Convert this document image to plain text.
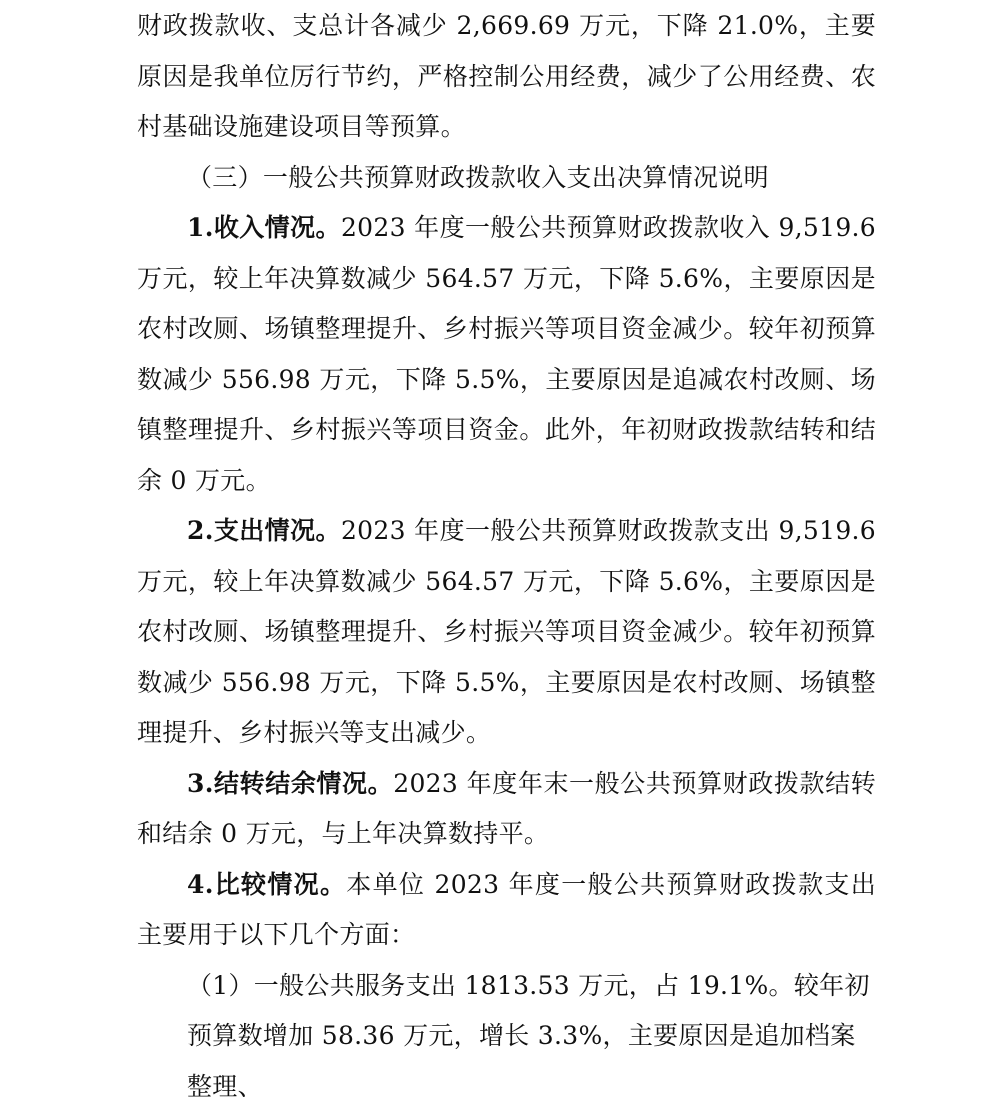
财政拨款收、支总计各减少 2,669.69 万元，下降 21.0%，主要原因是我单位厉行节约，严格控制公用经费，减少了公用经费、农村基础设施建设项目等预算。

（三）一般公共预算财政拨款收入支出决算情况说明

1.收入情况。2023 年度一般公共预算财政拨款收入 9,519.6 万元，较上年决算数减少 564.57 万元，下降 5.6%，主要原因是农村改厕、场镇整理提升、乡村振兴等项目资金减少。较年初预算数减少 556.98 万元，下降 5.5%，主要原因是追减农村改厕、场镇整理提升、乡村振兴等项目资金。此外，年初财政拨款结转和结余 0 万元。

2.支出情况。2023 年度一般公共预算财政拨款支出 9,519.6 万元，较上年决算数减少 564.57 万元，下降 5.6%，主要原因是农村改厕、场镇整理提升、乡村振兴等项目资金减少。较年初预算数减少 556.98 万元，下降 5.5%，主要原因是农村改厕、场镇整理提升、乡村振兴等支出减少。

3.结转结余情况。2023 年度年末一般公共预算财政拨款结转和结余 0 万元，与上年决算数持平。

4.比较情况。本单位 2023 年度一般公共预算财政拨款支出主要用于以下几个方面：

（1）一般公共服务支出 1813.53 万元，占 19.1%。较年初预算数增加 58.36 万元，增长 3.3%，主要原因是追加档案整理、
